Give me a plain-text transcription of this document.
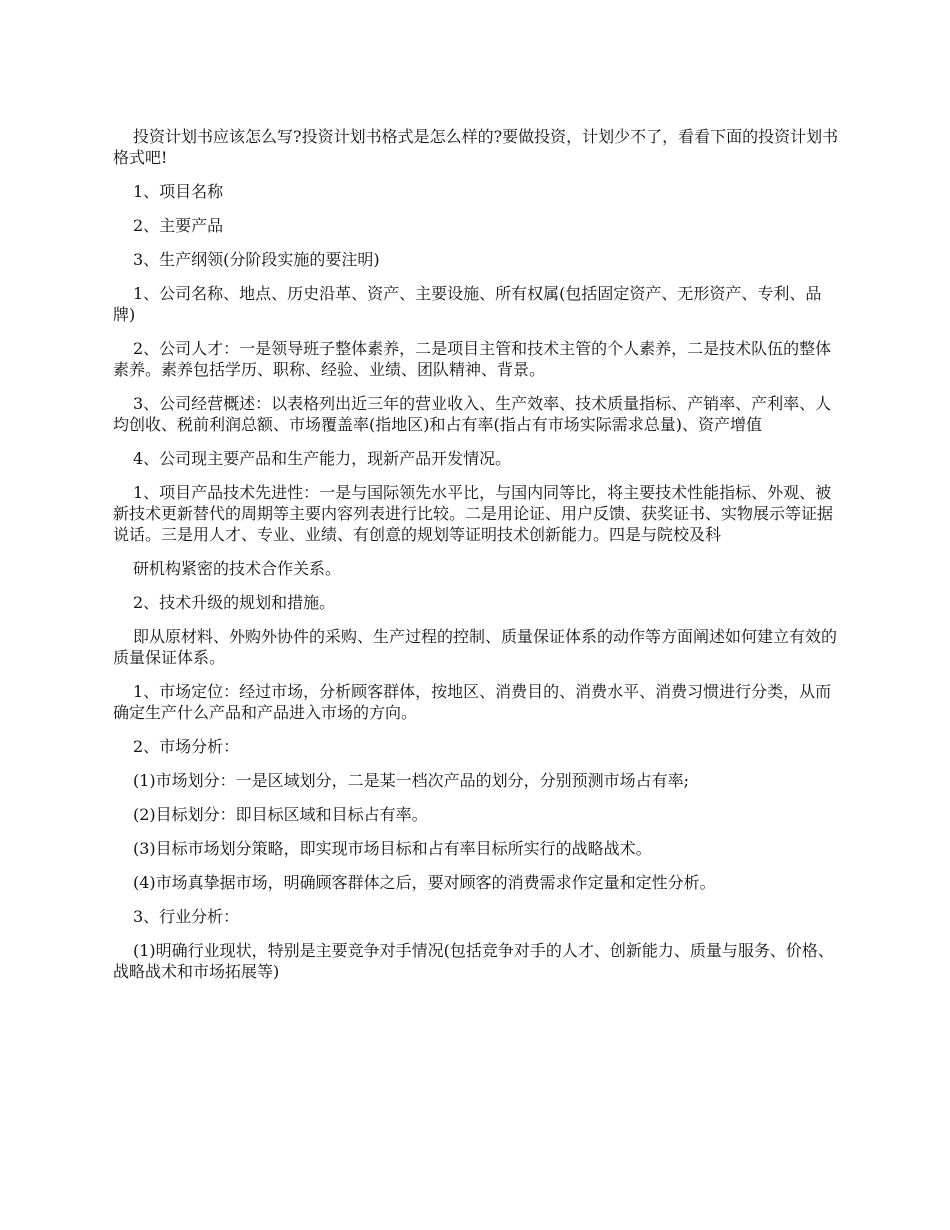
投资计划书应该怎么写?投资计划书格式是怎么样的?要做投资，计划少不了，看看下面的投资计划书格式吧!

1、项目名称

2、主要产品

3、生产纲领(分阶段实施的要注明)

1、公司名称、地点、历史沿革、资产、主要设施、所有权属(包括固定资产、无形资产、专利、品牌)

2、公司人才：一是领导班子整体素养，二是项目主管和技术主管的个人素养，二是技术队伍的整体素养。素养包括学历、职称、经验、业绩、团队精神、背景。

3、公司经营概述：以表格列出近三年的营业收入、生产效率、技术质量指标、产销率、产利率、人均创收、税前利润总额、市场覆盖率(指地区)和占有率(指占有市场实际需求总量)、资产增值

4、公司现主要产品和生产能力，现新产品开发情况。

1、项目产品技术先进性：一是与国际领先水平比，与国内同等比，将主要技术性能指标、外观、被新技术更新替代的周期等主要内容列表进行比较。二是用论证、用户反馈、获奖证书、实物展示等证据说话。三是用人才、专业、业绩、有创意的规划等证明技术创新能力。四是与院校及科

研机构紧密的技术合作关系。

2、技术升级的规划和措施。

即从原材料、外购外协件的采购、生产过程的控制、质量保证体系的动作等方面阐述如何建立有效的质量保证体系。

1、市场定位：经过市场，分析顾客群体，按地区、消费目的、消费水平、消费习惯进行分类，从而确定生产什么产品和产品进入市场的方向。

2、市场分析：

(1)市场划分：一是区域划分，二是某一档次产品的划分，分别预测市场占有率;

(2)目标划分：即目标区域和目标占有率。

(3)目标市场划分策略，即实现市场目标和占有率目标所实行的战略战术。

(4)市场真挚据市场，明确顾客群体之后，要对顾客的消费需求作定量和定性分析。

3、行业分析：

(1)明确行业现状，特别是主要竞争对手情况(包括竞争对手的人才、创新能力、质量与服务、价格、战略战术和市场拓展等)
